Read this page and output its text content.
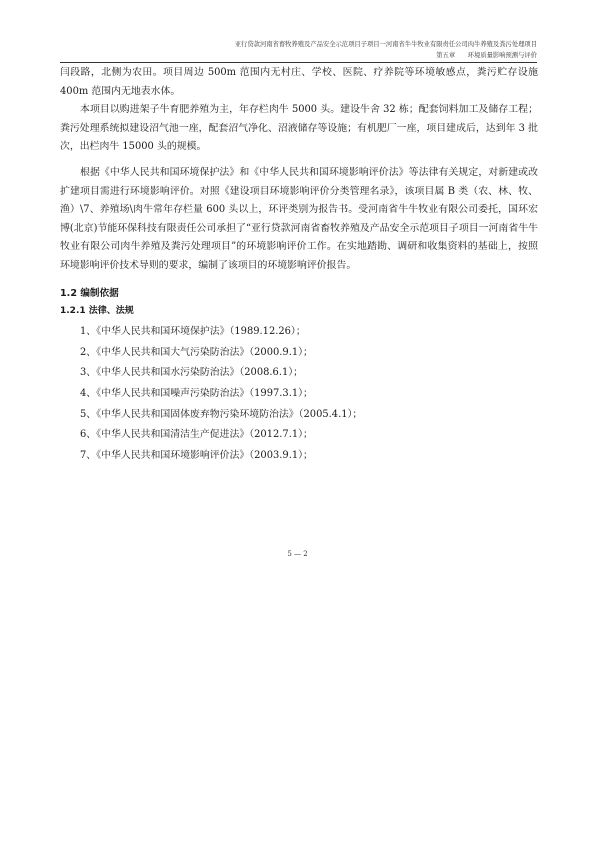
亚行贷款河南省畜牧养殖及产品安全示范项目子项目一河南省牛牛牧业有限责任公司肉牛养殖及粪污处理项目
第五章　　环境质量影响预测与评价

闫段路，北侧为农田。项目周边 500m 范围内无村庄、学校、医院、疗养院等环境敏感点，粪污贮存设施 400m 范围内无地表水体。

本项目以购进架子牛育肥养殖为主，年存栏肉牛 5000 头。建设牛舍 32 栋；配套饲料加工及储存工程；粪污处理系统拟建设沼气池一座，配套沼气净化、沼液储存等设施；有机肥厂一座，项目建成后，达到年 3 批次，出栏肉牛 15000 头的规模。

根据《中华人民共和国环境保护法》和《中华人民共和国环境影响评价法》等法律有关规定，对新建或改扩建项目需进行环境影响评价。对照《建设项目环境影响评价分类管理名录》，该项目属 B 类（农、林、牧、渔）\7、养殖场\肉牛常年存栏量 600 头以上，环评类别为报告书。受河南省牛牛牧业有限公司委托，国环宏博(北京)节能环保科技有限责任公司承担了“亚行贷款河南省畜牧养殖及产品安全示范项目子项目一河南省牛牛牧业有限公司肉牛养殖及粪污处理项目”的环境影响评价工作。在实地踏勘、调研和收集资料的基础上，按照环境影响评价技术导则的要求，编制了该项目的环境影响评价报告。

1.2 编制依据

1.2.1 法律、法规

1、《中华人民共和国环境保护法》（1989.12.26）；
2、《中华人民共和国大气污染防治法》（2000.9.1）；
3、《中华人民共和国水污染防治法》（2008.6.1）；
4、《中华人民共和国噪声污染防治法》（1997.3.1）；
5、《中华人民共和国固体废弃物污染环境防治法》（2005.4.1）；
6、《中华人民共和国清洁生产促进法》（2012.7.1）；
7、《中华人民共和国环境影响评价法》（2003.9.1）；
5 — 2
